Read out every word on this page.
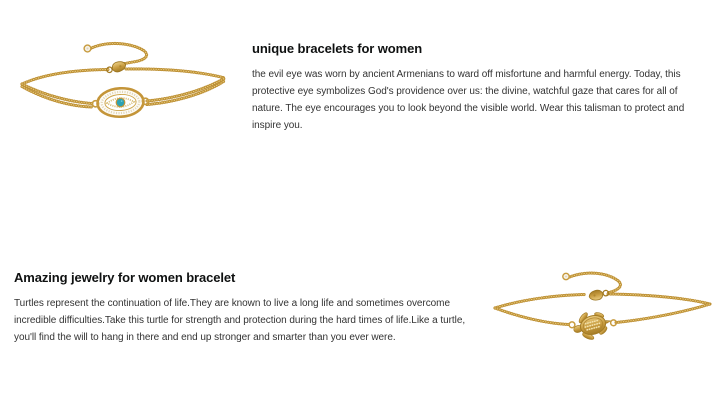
unique bracelets for women

the evil eye was worn by ancient Armenians to ward off misfortune and harmful energy. Today, this protective eye symbolizes God's providence over us: the divine, watchful gaze that cares for all of nature. The eye encourages you to look beyond the visible world. Wear this talisman to protect and inspire you.

Amazing jewelry for women bracelet

Turtles represent the continuation of life.They are known to live a long life and sometimes overcome incredible difficulties.Take this turtle for strength and protection during the hard times of life.Like a turtle, you'll find the will to hang in there and end up stronger and smarter than you ever were.
